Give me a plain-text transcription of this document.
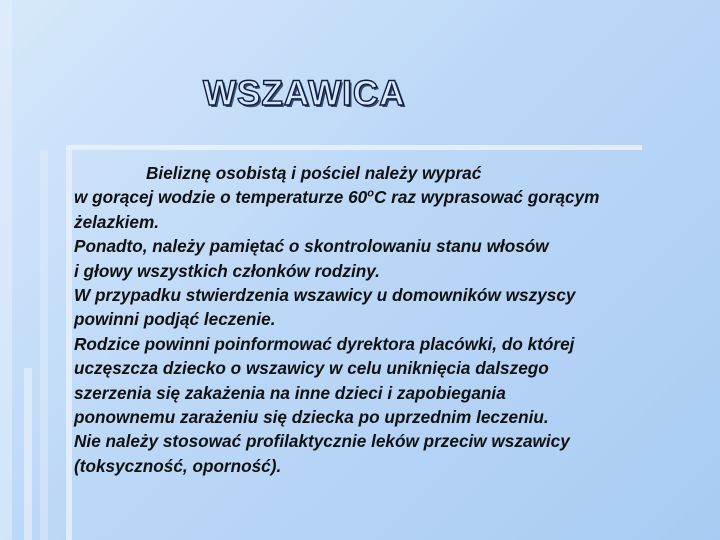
WSZAWICA
Bieliznę osobistą i pościel należy wyprać
w gorącej wodzie o temperaturze 60$^o$C raz wyprasować gorącym
żelazkiem.
Ponadto, należy pamiętać o skontrolowaniu stanu włosów
i głowy wszystkich członków rodziny.
W przypadku stwierdzenia wszawicy u domowników wszyscy
powinni podjąć leczenie.
Rodzice powinni poinformować dyrektora placówki, do której
uczęszcza dziecko o wszawicy w celu uniknięcia dalszego
szerzenia się zakażenia na inne dzieci i zapobiegania
ponownemu zarażeniu się dziecka po uprzednim leczeniu.
Nie należy stosować profilaktycznie leków przeciw wszawicy
(toksyczność, oporność).
